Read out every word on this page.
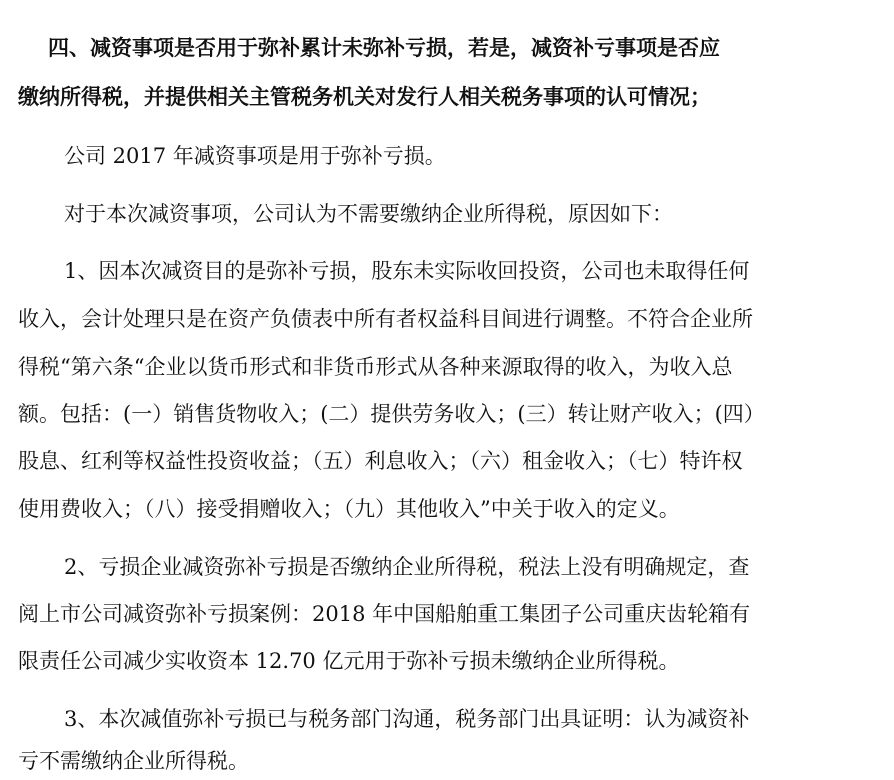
四、减资事项是否用于弥补累计未弥补亏损，若是，减资补亏事项是否应
缴纳所得税，并提供相关主管税务机关对发行人相关税务事项的认可情况；
公司 2017 年减资事项是用于弥补亏损。
对于本次减资事项，公司认为不需要缴纳企业所得税，原因如下：
1、因本次减资目的是弥补亏损，股东未实际收回投资，公司也未取得任何
收入，会计处理只是在资产负债表中所有者权益科目间进行调整。不符合企业所
得税“第六条“企业以货币形式和非货币形式从各种来源取得的收入，为收入总
额。包括：(一）销售货物收入；(二）提供劳务收入；(三）转让财产收入；(四）
股息、红利等权益性投资收益；（五）利息收入；（六）租金收入；（七）特许权
使用费收入；（八）接受捐赠收入；（九）其他收入”中关于收入的定义。
2、亏损企业减资弥补亏损是否缴纳企业所得税，税法上没有明确规定，查
阅上市公司减资弥补亏损案例：2018 年中国船舶重工集团子公司重庆齿轮箱有
限责任公司减少实收资本 12.70 亿元用于弥补亏损未缴纳企业所得税。
3、本次减值弥补亏损已与税务部门沟通，税务部门出具证明：认为减资补
亏不需缴纳企业所得税。
